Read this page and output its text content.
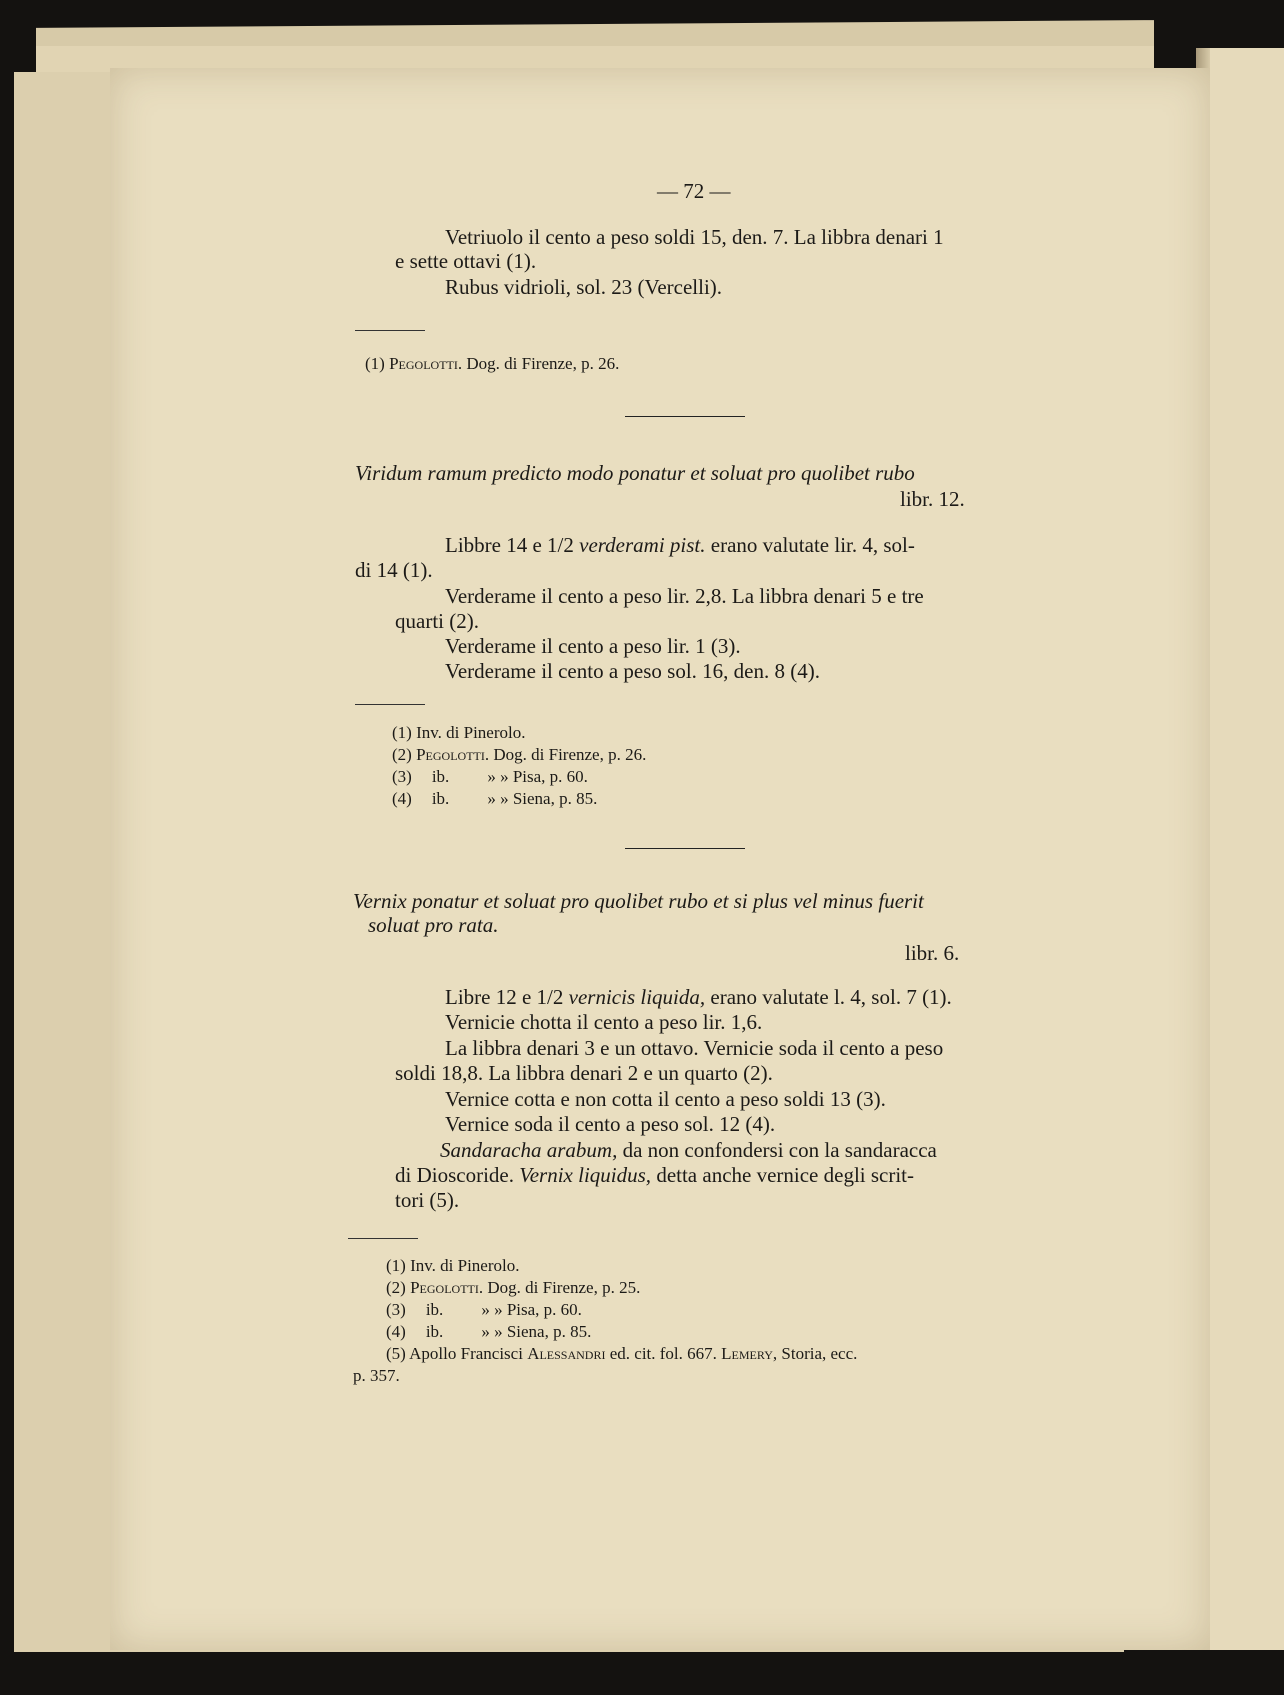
— 72 —
Vetriuolo il cento a peso soldi 15, den. 7. La libbra denari 1
e sette ottavi (1).
Rubus vidrioli, sol. 23 (Vercelli).
(1) Pegolotti. Dog. di Firenze, p. 26.
Viridum ramum predicto modo ponatur et soluat pro quolibet rubo
libr. 12.
Libbre 14 e 1/2 verderami pist. erano valutate lir. 4, sol-
di 14 (1).
Verderame il cento a peso lir. 2,8. La libbra denari 5 e tre
quarti (2).
Verderame il cento a peso lir. 1 (3).
Verderame il cento a peso sol. 16, den. 8 (4).
(1) Inv. di Pinerolo.
(2) Pegolotti. Dog. di Firenze, p. 26.
(3) ib. » » Pisa, p. 60.
(4) ib. » » Siena, p. 85.
Vernix ponatur et soluat pro quolibet rubo et si plus vel minus fuerit
soluat pro rata.
libr. 6.
Libre 12 e 1/2 vernicis liquida, erano valutate l. 4, sol. 7 (1).
Vernicie chotta il cento a peso lir. 1,6.
La libbra denari 3 e un ottavo. Vernicie soda il cento a peso
soldi 18,8. La libbra denari 2 e un quarto (2).
Vernice cotta e non cotta il cento a peso soldi 13 (3).
Vernice soda il cento a peso sol. 12 (4).
Sandaracha arabum, da non confondersi con la sandaracca
di Dioscoride. Vernix liquidus, detta anche vernice degli scrit-
tori (5).
(1) Inv. di Pinerolo.
(2) Pegolotti. Dog. di Firenze, p. 25.
(3) ib. » » Pisa, p. 60.
(4) ib. » » Siena, p. 85.
(5) Apollo Francisci Alessandri ed. cit. fol. 667. Lemery, Storia, ecc.
p. 357.
